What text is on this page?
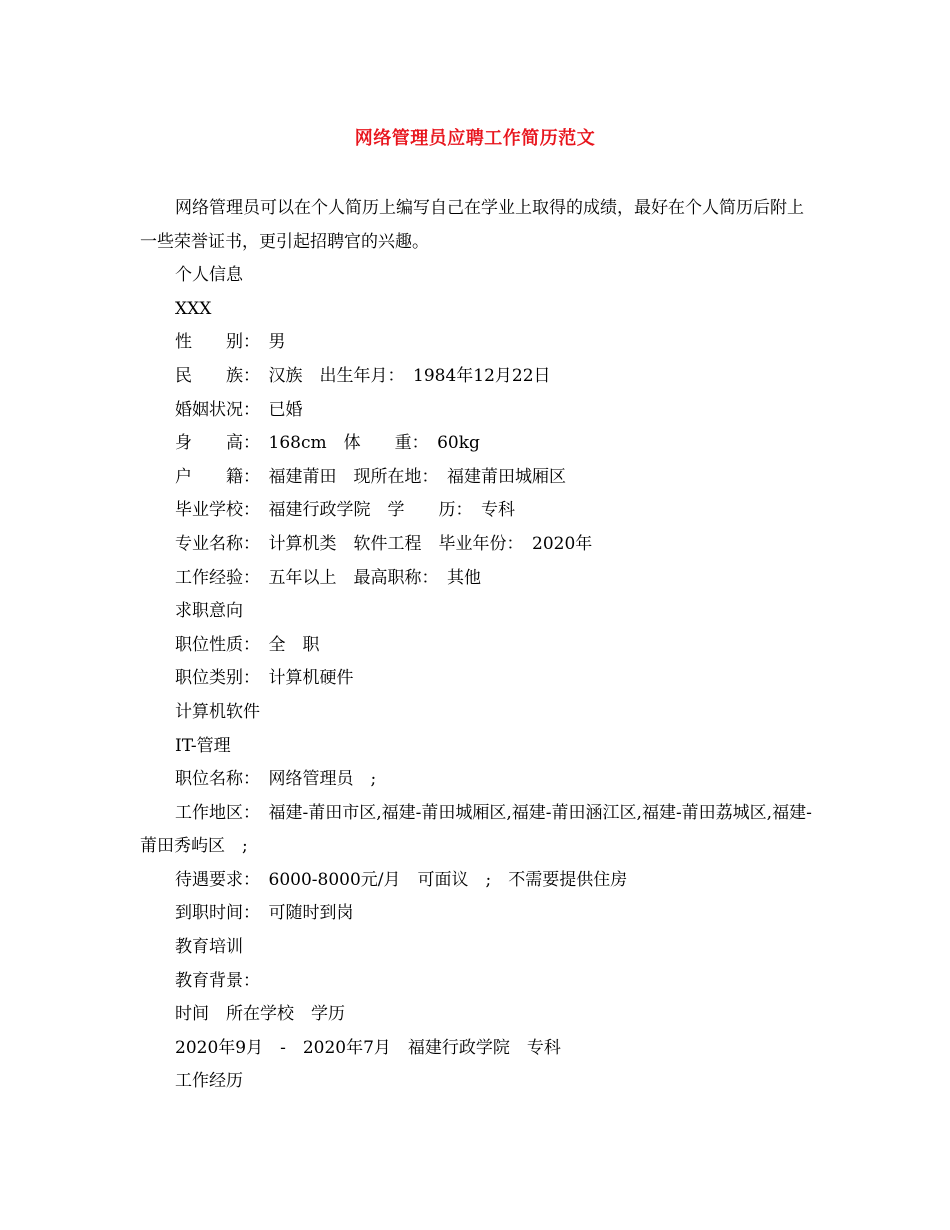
网络管理员应聘工作简历范文

网络管理员可以在个人简历上编写自己在学业上取得的成绩，最好在个人简历后附上一些荣誉证书，更引起招聘官的兴趣。

个人信息

XXX

性　　别：　男

民　　族：　汉族　出生年月：　1984年12月22日

婚姻状况：　已婚

身　　高：　168cm　体　　重：　60kg

户　　籍：　福建莆田　现所在地：　福建莆田城厢区

毕业学校：　福建行政学院　学　　历：　专科

专业名称：　计算机类　软件工程　毕业年份：　2020年

工作经验：　五年以上　最高职称：　其他

求职意向

职位性质：　全　职

职位类别：　计算机硬件

计算机软件

IT-管理

职位名称：　网络管理员　;

工作地区：　福建-莆田市区,福建-莆田城厢区,福建-莆田涵江区,福建-莆田荔城区,福建-莆田秀屿区　;

待遇要求：　6000-8000元/月　可面议　;　不需要提供住房

到职时间：　可随时到岗

教育培训

教育背景：

时间　所在学校　学历

2020年9月　-　2020年7月　福建行政学院　专科

工作经历
